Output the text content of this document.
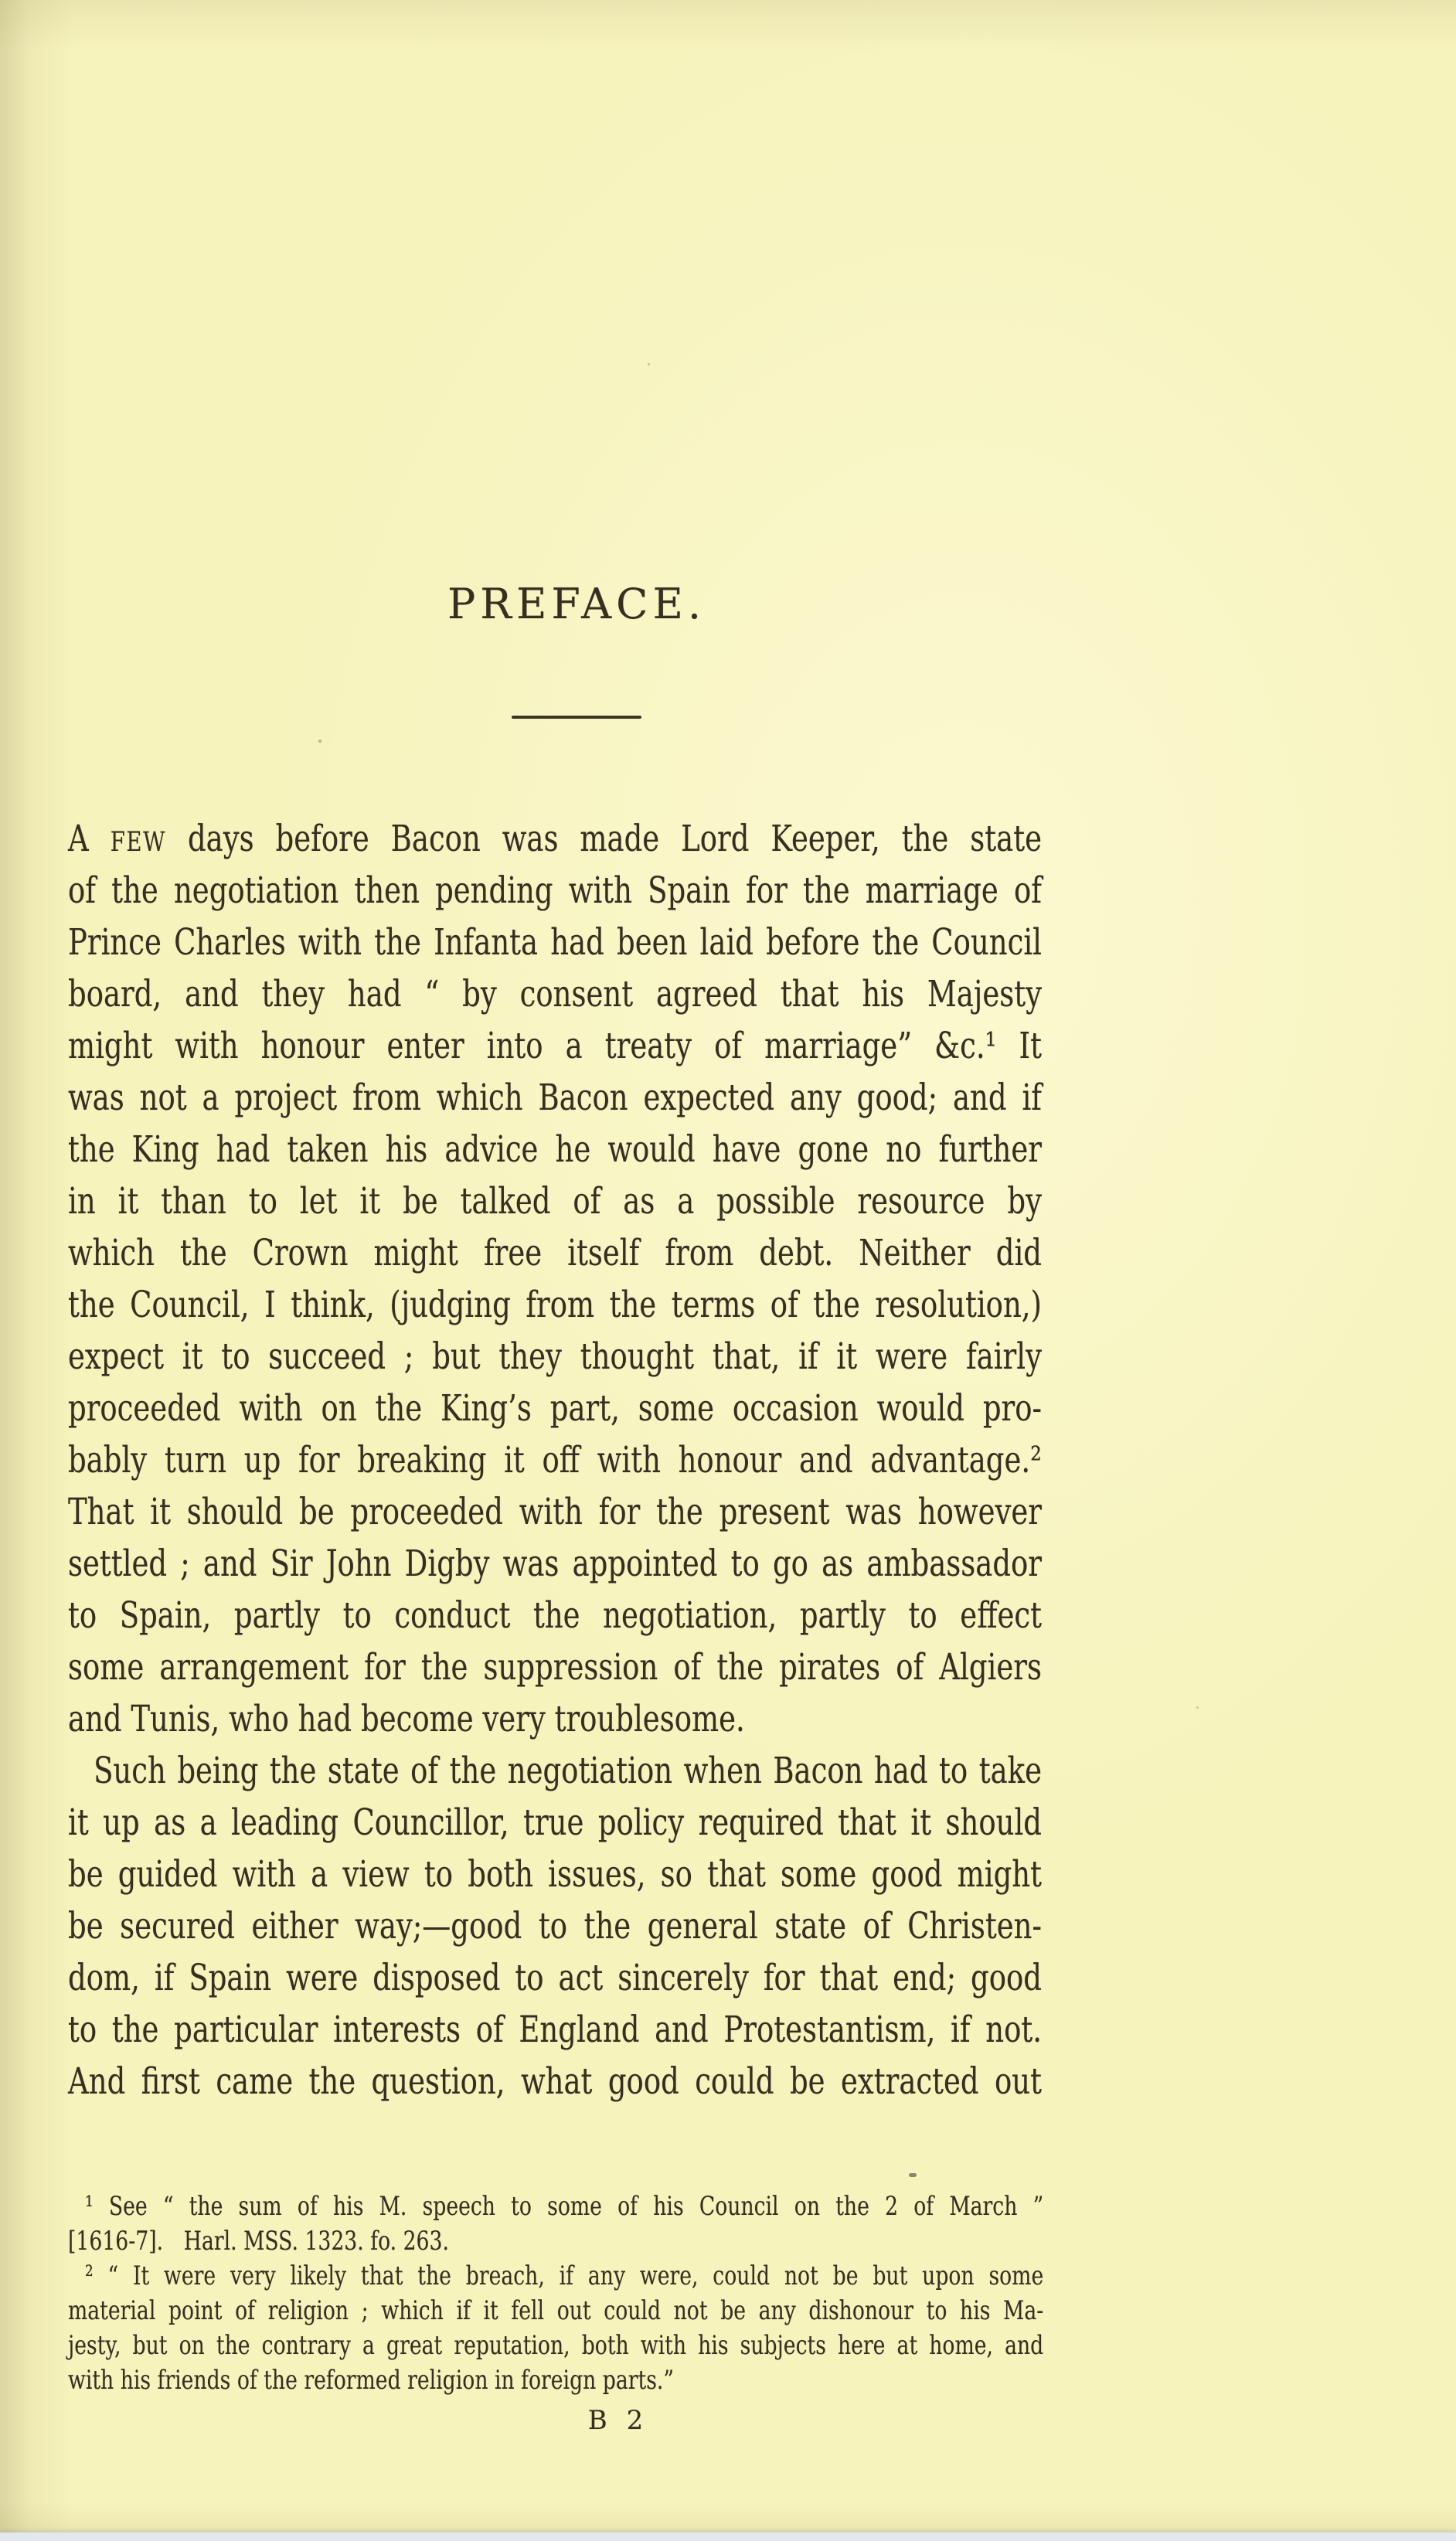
PREFACE.
A FEW days before Bacon was made Lord Keeper, the state
of the negotiation then pending with Spain for the marriage of
Prince Charles with the Infanta had been laid before the Council
board, and they had “ by consent agreed that his Majesty
might with honour enter into a treaty of marriage” &c.¹ It
was not a project from which Bacon expected any good; and if
the King had taken his advice he would have gone no further
in it than to let it be talked of as a possible resource by
which the Crown might free itself from debt. Neither did
the Council, I think, (judging from the terms of the resolution,)
expect it to succeed ; but they thought that, if it were fairly
proceeded with on the King’s part, some occasion would pro-
bably turn up for breaking it off with honour and advantage.²
That it should be proceeded with for the present was however
settled ; and Sir John Digby was appointed to go as ambassador
to Spain, partly to conduct the negotiation, partly to effect
some arrangement for the suppression of the pirates of Algiers
and Tunis, who had become very troublesome.
Such being the state of the negotiation when Bacon had to take
it up as a leading Councillor, true policy required that it should
be guided with a view to both issues, so that some good might
be secured either way;—good to the general state of Christen-
dom, if Spain were disposed to act sincerely for that end; good
to the particular interests of England and Protestantism, if not.
And first came the question, what good could be extracted out
¹ See “ the sum of his M. speech to some of his Council on the 2 of March ”
[1616-7]. Harl. MSS. 1323. fo. 263.
² “ It were very likely that the breach, if any were, could not be but upon some
material point of religion ; which if it fell out could not be any dishonour to his Ma-
jesty, but on the contrary a great reputation, both with his subjects here at home, and
with his friends of the reformed religion in foreign parts.”
B 2
